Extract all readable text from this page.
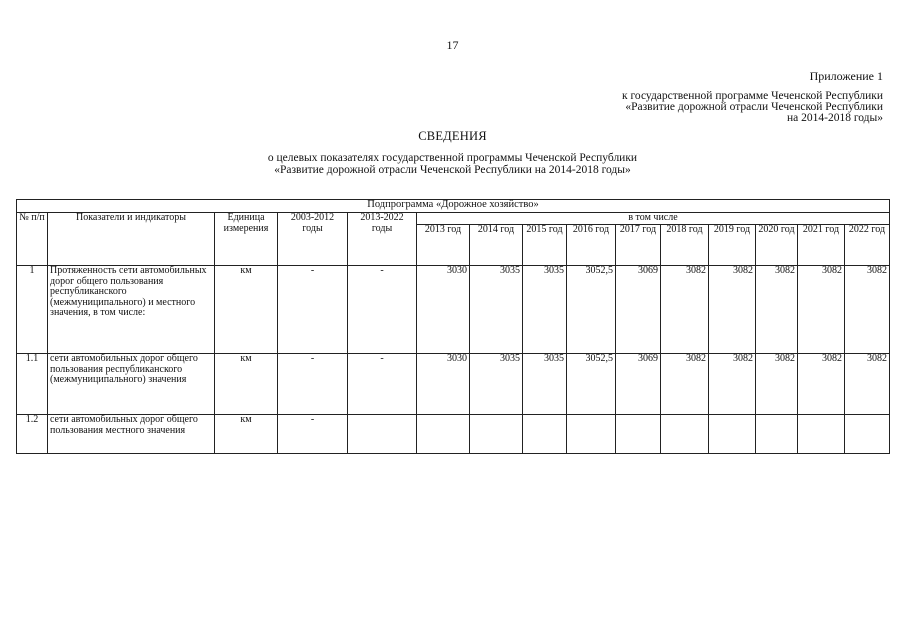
17
Приложение 1
к государственной программе Чеченской Республики
«Развитие дорожной отрасли Чеченской Республики
на 2014-2018 годы»
СВЕДЕНИЯ
о целевых показателях государственной программы Чеченской Республики
«Развитие дорожной отрасли Чеченской Республики на 2014-2018 годы»
Подпрограмма «Дорожное хозяйство»														
№ п/п	Показатели и индикаторы	Единица измерения	2003-2012 годы	2013-2022 годы	в том числе									
					2013 год	2014 год	2015 год	2016 год	2017 год	2018 год	2019 год	2020 год	2021 год	2022 год
1	Протяженность сети автомобильных дорог общего пользования республиканского (межмуниципального) и местного значения, в том числе:	км	-	-	3030	3035	3035	3052,5	3069	3082	3082	3082	3082	3082
1.1	сети автомобильных дорог общего пользования республиканского (межмуниципального) значения	км	-	-	3030	3035	3035	3052,5	3069	3082	3082	3082	3082	3082
1.2	сети автомобильных дорог общего пользования местного значения	км	-											
